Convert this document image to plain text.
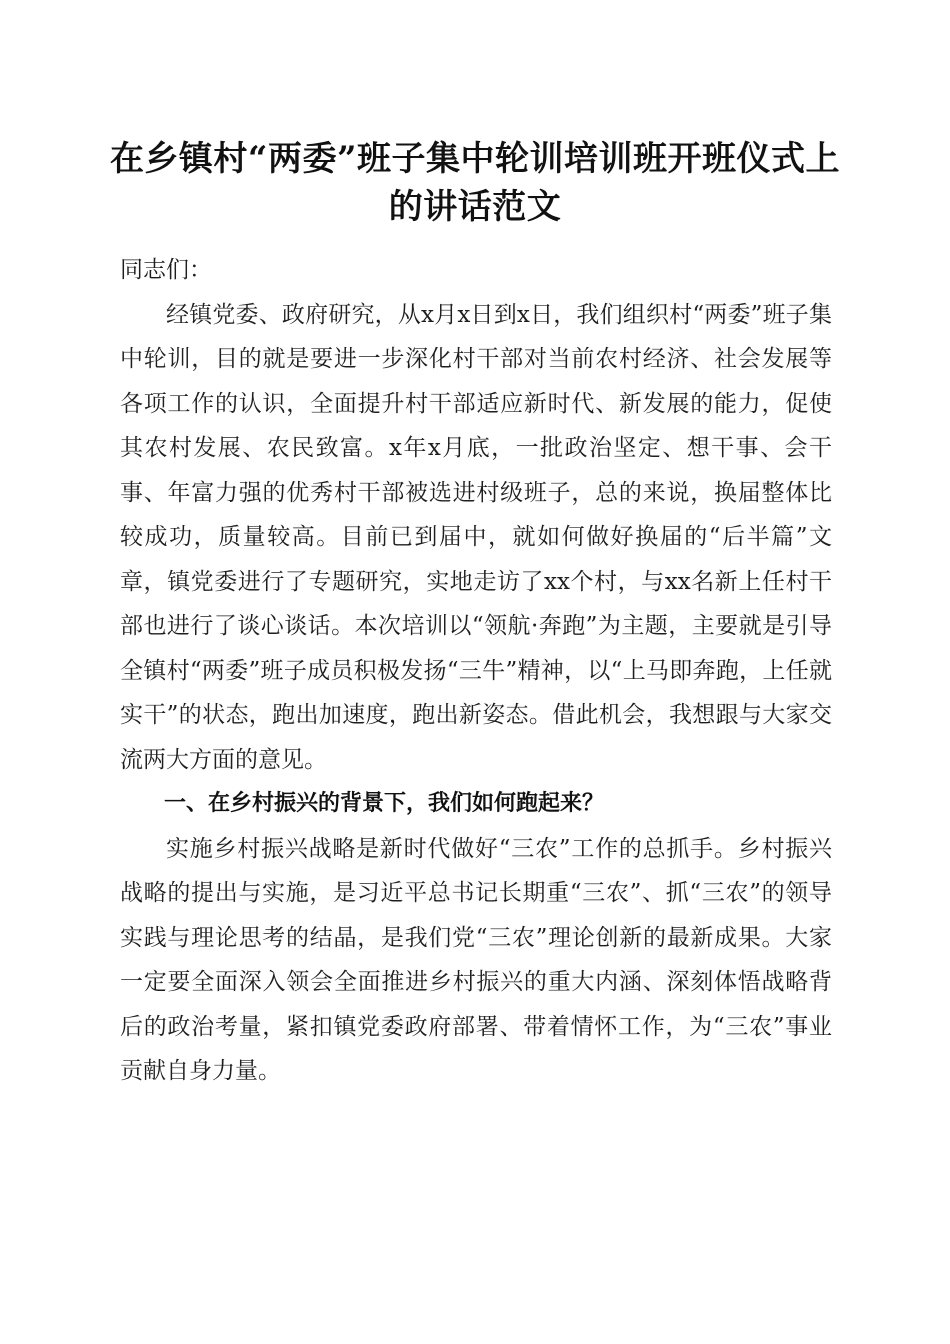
在乡镇村“两委”班子集中轮训培训班开班仪式上的讲话范文

同志们：

经镇党委、政府研究，从x月x日到x日，我们组织村“两委”班子集中轮训，目的就是要进一步深化村干部对当前农村经济、社会发展等各项工作的认识，全面提升村干部适应新时代、新发展的能力，促使其农村发展、农民致富。x年x月底，一批政治坚定、想干事、会干事、年富力强的优秀村干部被选进村级班子，总的来说，换届整体比较成功，质量较高。目前已到届中，就如何做好换届的“后半篇”文章，镇党委进行了专题研究，实地走访了xx个村，与xx名新上任村干部也进行了谈心谈话。本次培训以“领航·奔跑”为主题，主要就是引导全镇村“两委”班子成员积极发扬“三牛”精神，以“上马即奔跑，上任就实干”的状态，跑出加速度，跑出新姿态。借此机会，我想跟与大家交流两大方面的意见。

一、在乡村振兴的背景下，我们如何跑起来？

实施乡村振兴战略是新时代做好“三农”工作的总抓手。乡村振兴战略的提出与实施，是习近平总书记长期重“三农”、抓“三农”的领导实践与理论思考的结晶，是我们党“三农”理论创新的最新成果。大家一定要全面深入领会全面推进乡村振兴的重大内涵、深刻体悟战略背后的政治考量，紧扣镇党委政府部署、带着情怀工作，为“三农”事业贡献自身力量。
